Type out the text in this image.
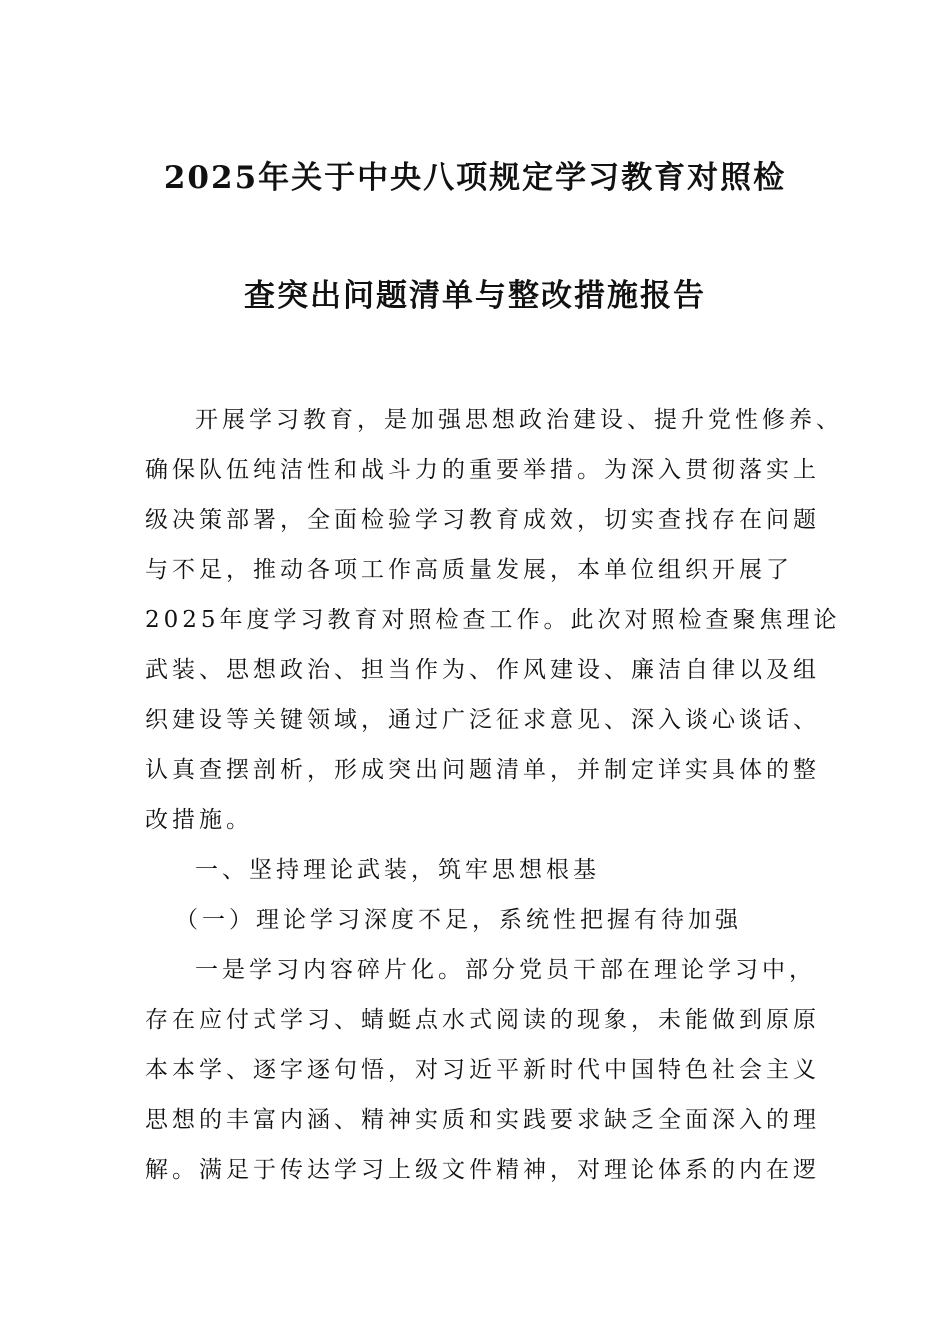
2025年关于中央八项规定学习教育对照检
查突出问题清单与整改措施报告
开展学习教育，是加强思想政治建设、提升党性修养、
确保队伍纯洁性和战斗力的重要举措。为深入贯彻落实上
级决策部署，全面检验学习教育成效，切实查找存在问题
与不足，推动各项工作高质量发展，本单位组织开展了
2025年度学习教育对照检查工作。此次对照检查聚焦理论
武装、思想政治、担当作为、作风建设、廉洁自律以及组
织建设等关键领域，通过广泛征求意见、深入谈心谈话、
认真查摆剖析，形成突出问题清单，并制定详实具体的整
改措施。
一、坚持理论武装，筑牢思想根基
（一）理论学习深度不足，系统性把握有待加强
一是学习内容碎片化。部分党员干部在理论学习中，
存在应付式学习、蜻蜓点水式阅读的现象，未能做到原原
本本学、逐字逐句悟，对习近平新时代中国特色社会主义
思想的丰富内涵、精神实质和实践要求缺乏全面深入的理
解。满足于传达学习上级文件精神，对理论体系的内在逻
